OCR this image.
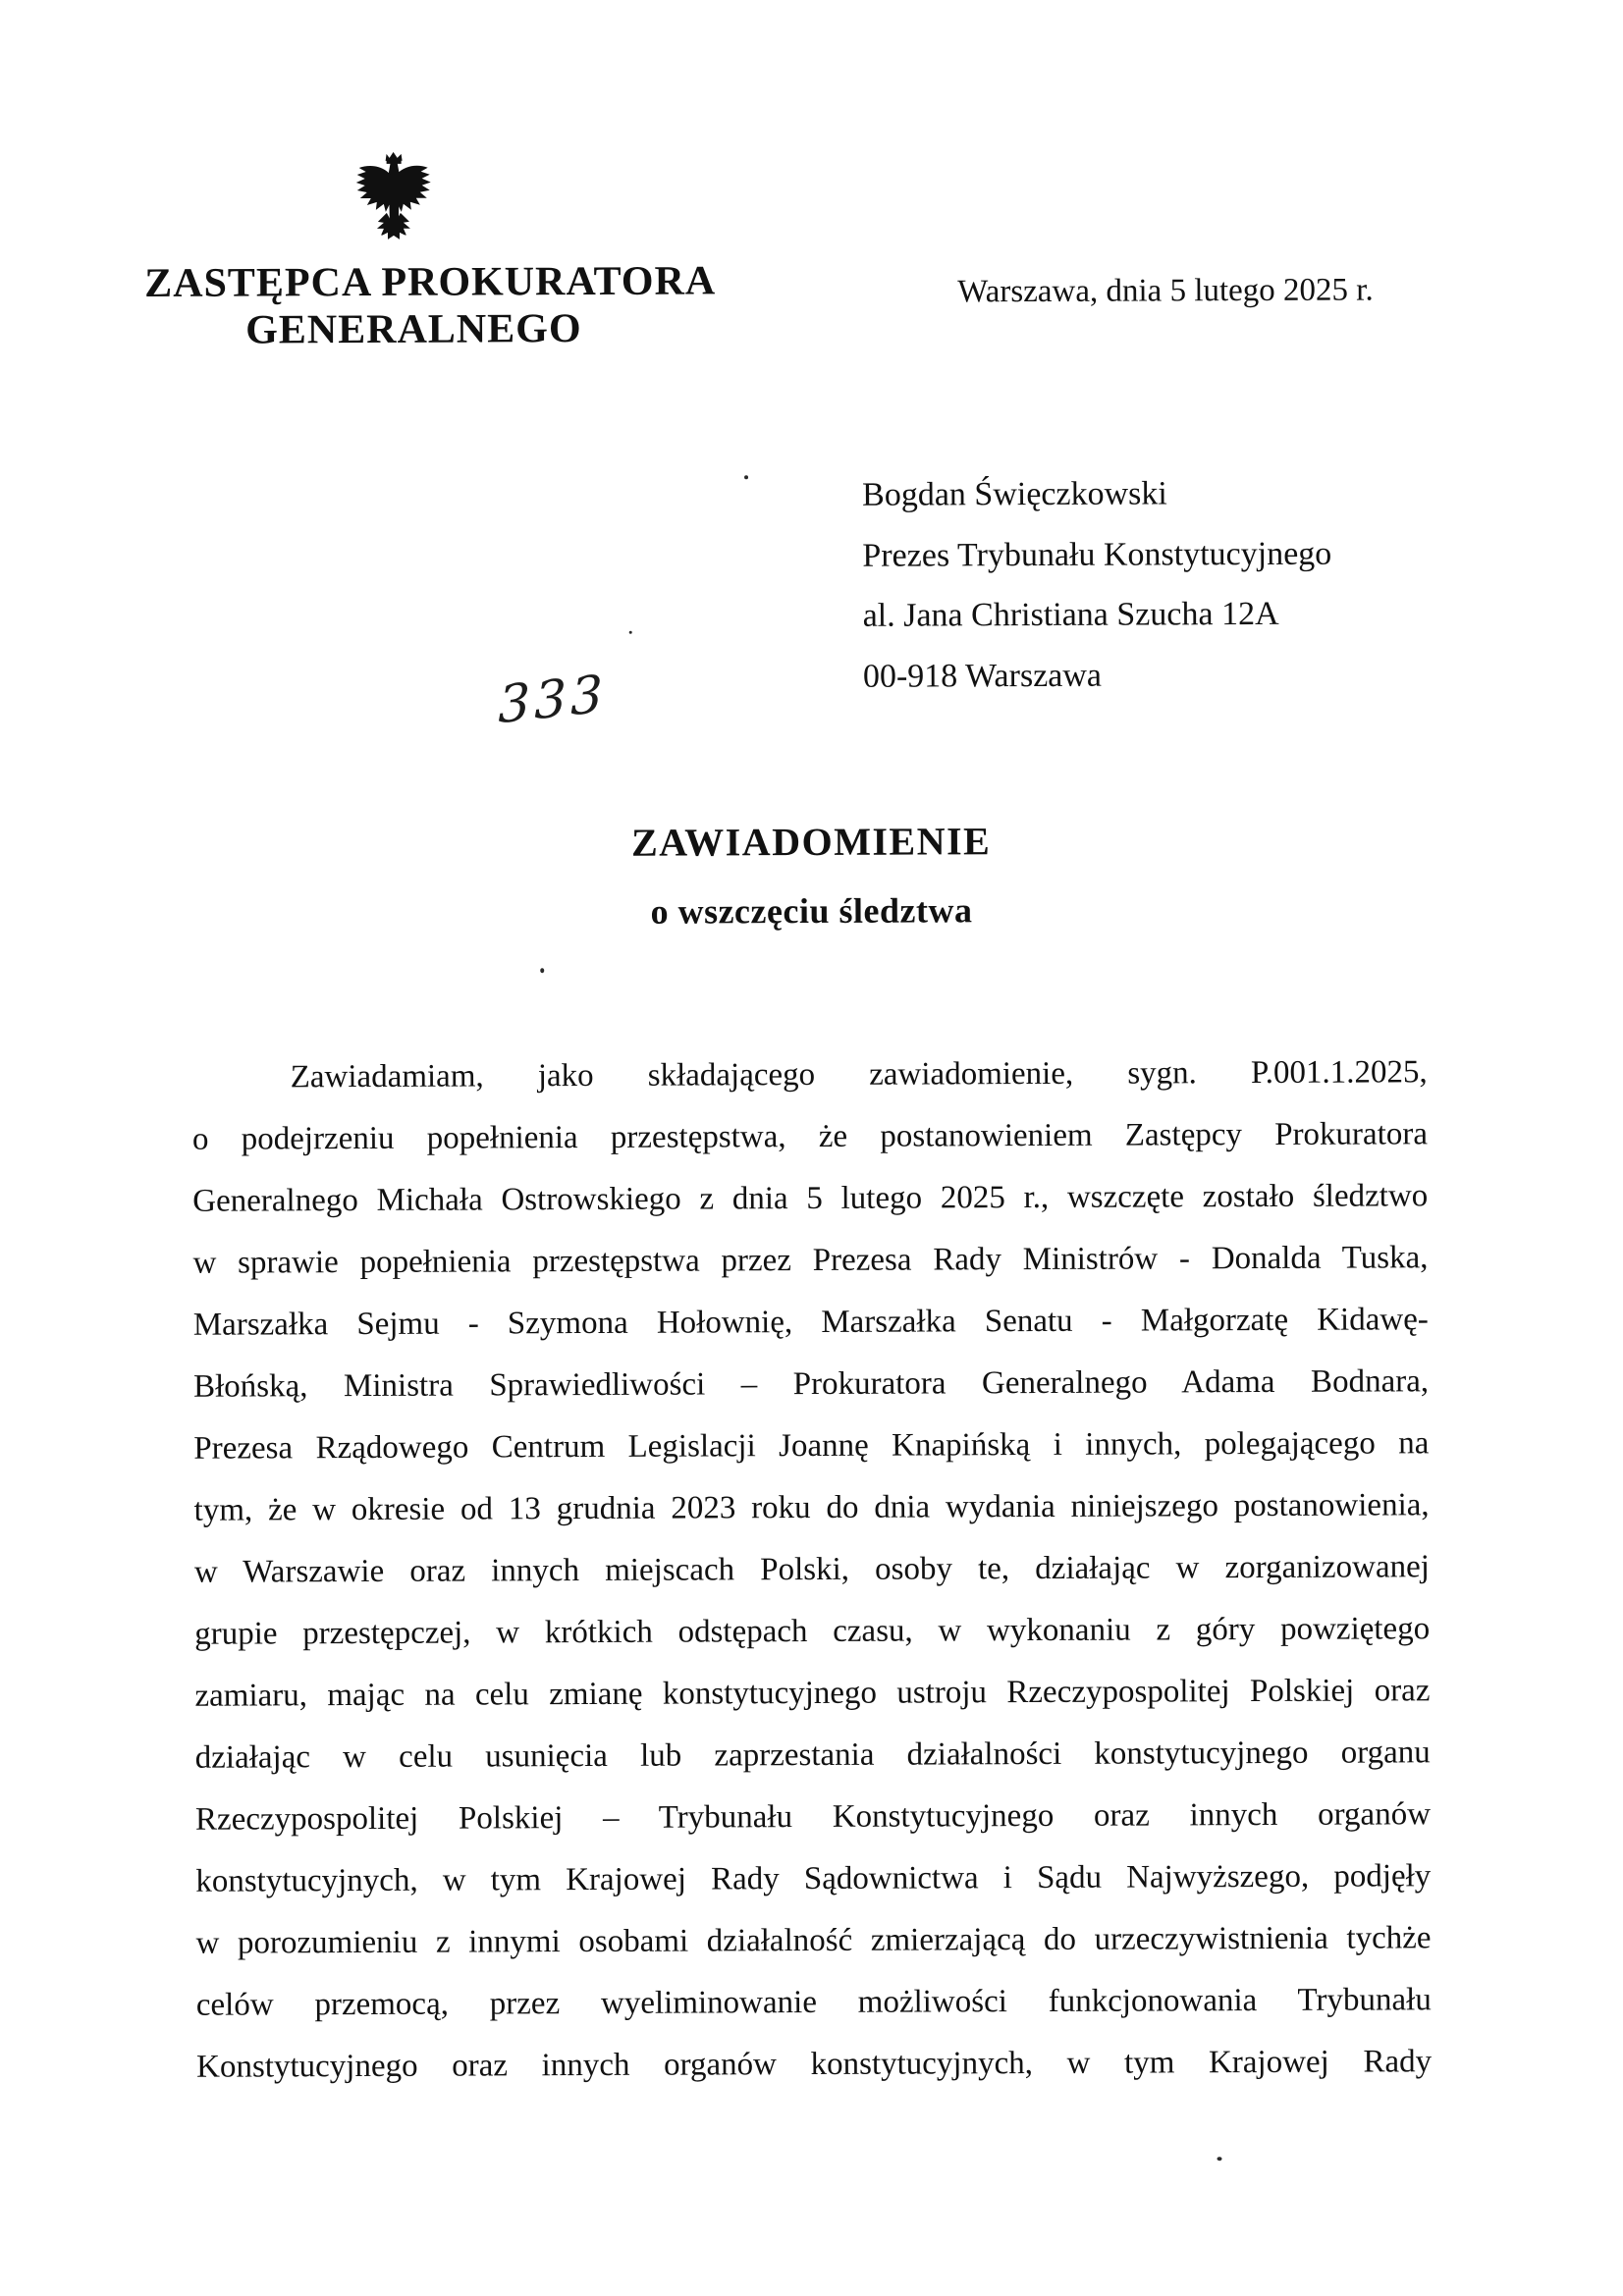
ZASTĘPCA PROKURATORA
GENERALNEGO
Warszawa, dnia 5 lutego 2025 r.
Bogdan Święczkowski
Prezes Trybunału Konstytucyjnego
al. Jana Christiana Szucha 12A
00-918 Warszawa
333
ZAWIADOMIENIE
o wszczęciu śledztwa
Zawiadamiam, jako składającego zawiadomienie, sygn. P.001.1.2025,
o podejrzeniu popełnienia przestępstwa, że postanowieniem Zastępcy Prokuratora
Generalnego Michała Ostrowskiego z dnia 5 lutego 2025 r., wszczęte zostało śledztwo
w sprawie popełnienia przestępstwa przez Prezesa Rady Ministrów - Donalda Tuska,
Marszałka Sejmu - Szymona Hołownię, Marszałka Senatu - Małgorzatę Kidawę-
Błońską, Ministra Sprawiedliwości – Prokuratora Generalnego Adama Bodnara,
Prezesa Rządowego Centrum Legislacji Joannę Knapińską i innych, polegającego na
tym, że w okresie od 13 grudnia 2023 roku do dnia wydania niniejszego postanowienia,
w Warszawie oraz innych miejscach Polski, osoby te, działając w zorganizowanej
grupie przestępczej, w krótkich odstępach czasu, w wykonaniu z góry powziętego
zamiaru, mając na celu zmianę konstytucyjnego ustroju Rzeczypospolitej Polskiej oraz
działając w celu usunięcia lub zaprzestania działalności konstytucyjnego organu
Rzeczypospolitej Polskiej – Trybunału Konstytucyjnego oraz innych organów
konstytucyjnych, w tym Krajowej Rady Sądownictwa i Sądu Najwyższego, podjęły
w porozumieniu z innymi osobami działalność zmierzającą do urzeczywistnienia tychże
celów przemocą, przez wyeliminowanie możliwości funkcjonowania Trybunału
Konstytucyjnego oraz innych organów konstytucyjnych, w tym Krajowej Rady
